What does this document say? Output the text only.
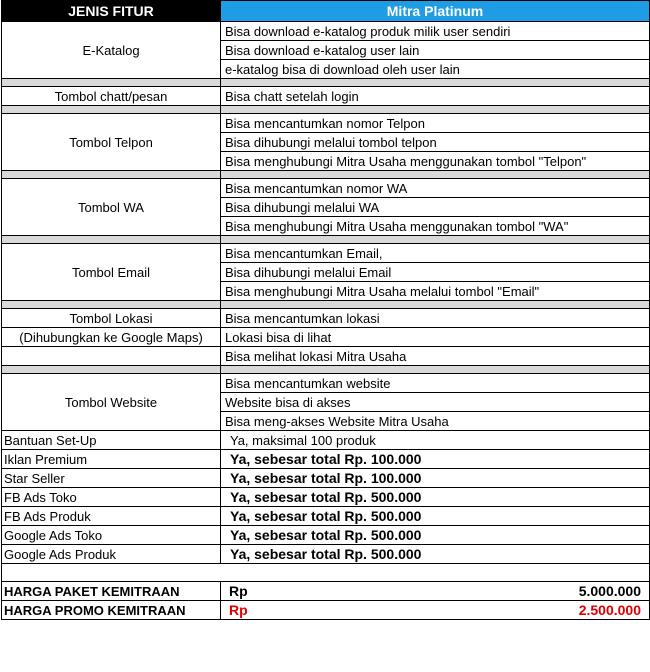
JENIS FITUR	Mitra Platinum
E-Katalog	Bisa download e-katalog produk milik user sendiri
	Bisa download e-katalog user lain
	e-katalog bisa di download oleh user lain

Tombol chatt/pesan	Bisa chatt setelah login

Tombol Telpon	Bisa mencantumkan nomor Telpon
	Bisa dihubungi melalui tombol telpon
	Bisa menghubungi Mitra Usaha menggunakan tombol "Telpon"

Tombol WA	Bisa mencantumkan nomor WA
	Bisa dihubungi melalui WA
	Bisa menghubungi Mitra Usaha menggunakan tombol "WA"

Tombol Email	Bisa mencantumkan Email,
	Bisa dihubungi melalui Email
	Bisa menghubungi Mitra Usaha melalui tombol "Email"

Tombol Lokasi	Bisa mencantumkan lokasi
(Dihubungkan ke Google Maps)	Lokasi bisa di lihat
	Bisa melihat lokasi Mitra Usaha

Tombol Website	Bisa mencantumkan website
	Website bisa di akses
	Bisa meng-akses Website Mitra Usaha
Bantuan Set-Up	Ya, maksimal 100 produk
Iklan Premium	Ya, sebesar total Rp. 100.000
Star Seller	Ya, sebesar total Rp. 100.000
FB Ads Toko	Ya, sebesar total Rp. 500.000
FB Ads Produk	Ya, sebesar total Rp. 500.000
Google Ads Toko	Ya, sebesar total Rp. 500.000
Google Ads Produk	Ya, sebesar total Rp. 500.000

HARGA PAKET KEMITRAAN	Rp 5.000.000

HARGA PROMO KEMITRAAN	Rp 2.500.000
